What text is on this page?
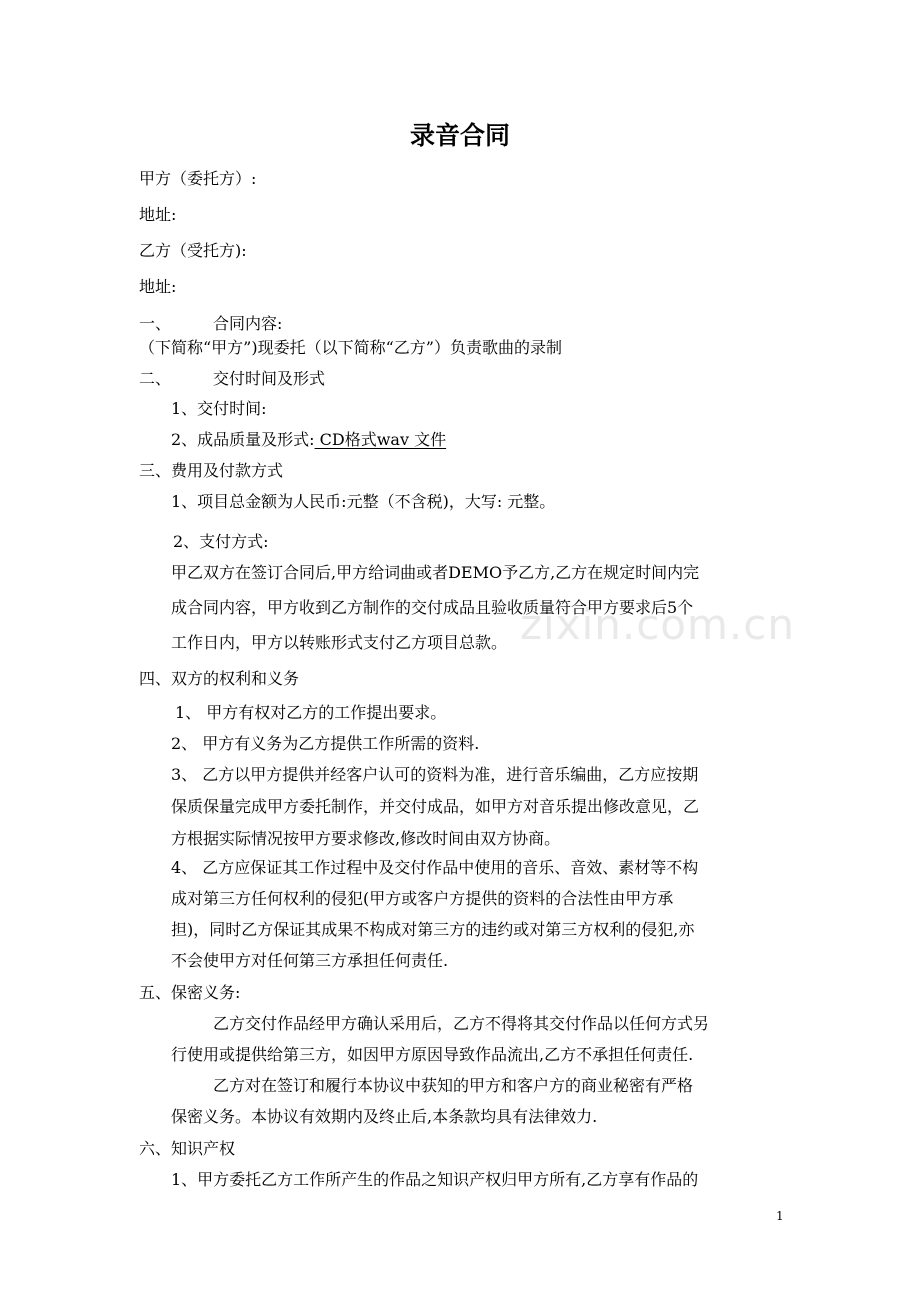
zixin.com.cn
录音合同
甲方（委托方）:
地址:
乙方（受托方):
地址:
一、	合同内容:
（下简称“甲方”)现委托（以下简称“乙方”）负责歌曲的录制
二、	交付时间及形式
1、交付时间:
2、成品质量及形式: CD格式wav 文件
三、费用及付款方式
1、项目总金额为人民币:元整（不含税)，大写: 元整。
2、支付方式:
甲乙双方在签订合同后,甲方给词曲或者DEMO予乙方,乙方在规定时间内完
成合同内容，甲方收到乙方制作的交付成品且验收质量符合甲方要求后5个
工作日内，甲方以转账形式支付乙方项目总款。
四、双方的权利和义务
1、 甲方有权对乙方的工作提出要求。
2、 甲方有义务为乙方提供工作所需的资料.
3、 乙方以甲方提供并经客户认可的资料为准，进行音乐编曲，乙方应按期
保质保量完成甲方委托制作，并交付成品，如甲方对音乐提出修改意见，乙
方根据实际情况按甲方要求修改,修改时间由双方协商。
4、 乙方应保证其工作过程中及交付作品中使用的音乐、音效、素材等不构
成对第三方任何权利的侵犯(甲方或客户方提供的资料的合法性由甲方承
担)，同时乙方保证其成果不构成对第三方的违约或对第三方权利的侵犯,亦
不会使甲方对任何第三方承担任何责任.
五、保密义务:
乙方交付作品经甲方确认采用后，乙方不得将其交付作品以任何方式另
行使用或提供给第三方，如因甲方原因导致作品流出,乙方不承担任何责任.
乙方对在签订和履行本协议中获知的甲方和客户方的商业秘密有严格
保密义务。本协议有效期内及终止后,本条款均具有法律效力.
六、知识产权
1、甲方委托乙方工作所产生的作品之知识产权归甲方所有,乙方享有作品的
1
